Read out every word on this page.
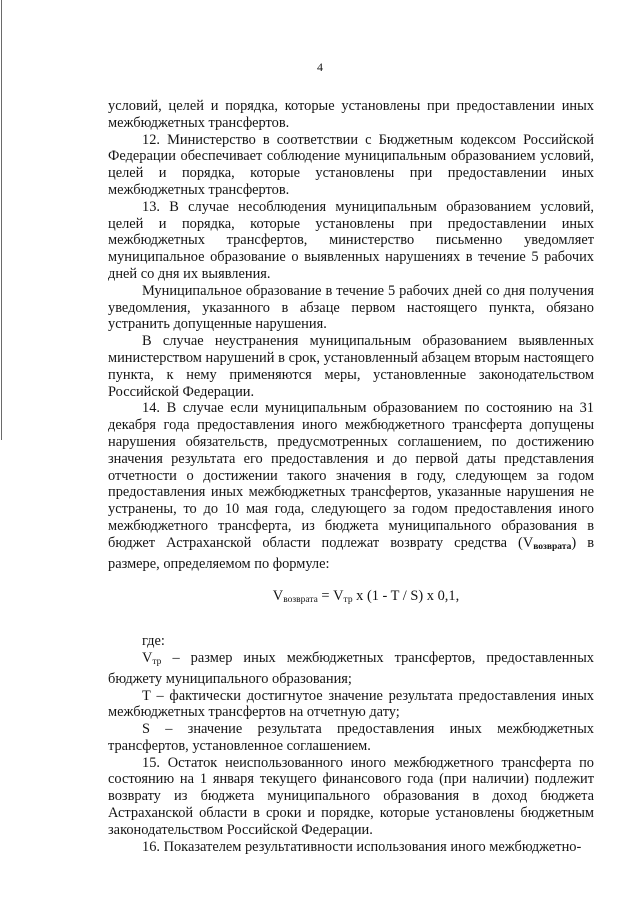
4

условий, целей и порядка, которые установлены при предоставлении иных межбюджетных трансфертов.

12. Министерство в соответствии с Бюджетным кодексом Российской Федерации обеспечивает соблюдение муниципальным образованием условий, целей и порядка, которые установлены при предоставлении иных межбюджетных трансфертов.

13. В случае несоблюдения муниципальным образованием условий, целей и порядка, которые установлены при предоставлении иных межбюджетных трансфертов, министерство письменно уведомляет муниципальное образование о выявленных нарушениях в течение 5 рабочих дней со дня их выявления.

Муниципальное образование в течение 5 рабочих дней со дня получения уведомления, указанного в абзаце первом настоящего пункта, обязано устранить допущенные нарушения.

В случае неустранения муниципальным образованием выявленных министерством нарушений в срок, установленный абзацем вторым настоящего пункта, к нему применяются меры, установленные законодательством Российской Федерации.

14. В случае если муниципальным образованием по состоянию на 31 декабря года предоставления иного межбюджетного трансферта допущены нарушения обязательств, предусмотренных соглашением, по достижению значения результата его предоставления и до первой даты представления отчетности о достижении такого значения в году, следующем за годом предоставления иных межбюджетных трансфертов, указанные нарушения не устранены, то до 10 мая года, следующего за годом предоставления иного межбюджетного трансферта, из бюджета муниципального образования в бюджет Астраханской области подлежат возврату средства $(V_{возврата})$ в размере, определяемом по формуле:

$V_{возврата} = V_{тр}$ x (1 - T / S) x 0,1,

где:

$V_{тр}$ – размер иных межбюджетных трансфертов, предоставленных бюджету муниципального образования;

Т – фактически достигнутое значение результата предоставления иных межбюджетных трансфертов на отчетную дату;

S – значение результата предоставления иных межбюджетных трансфертов, установленное соглашением.

15. Остаток неиспользованного иного межбюджетного трансферта по состоянию на 1 января текущего финансового года (при наличии) подлежит возврату из бюджета муниципального образования в доход бюджета Астраханской области в сроки и порядке, которые установлены бюджетным законодательством Российской Федерации.

16. Показателем результативности использования иного межбюджетно-
